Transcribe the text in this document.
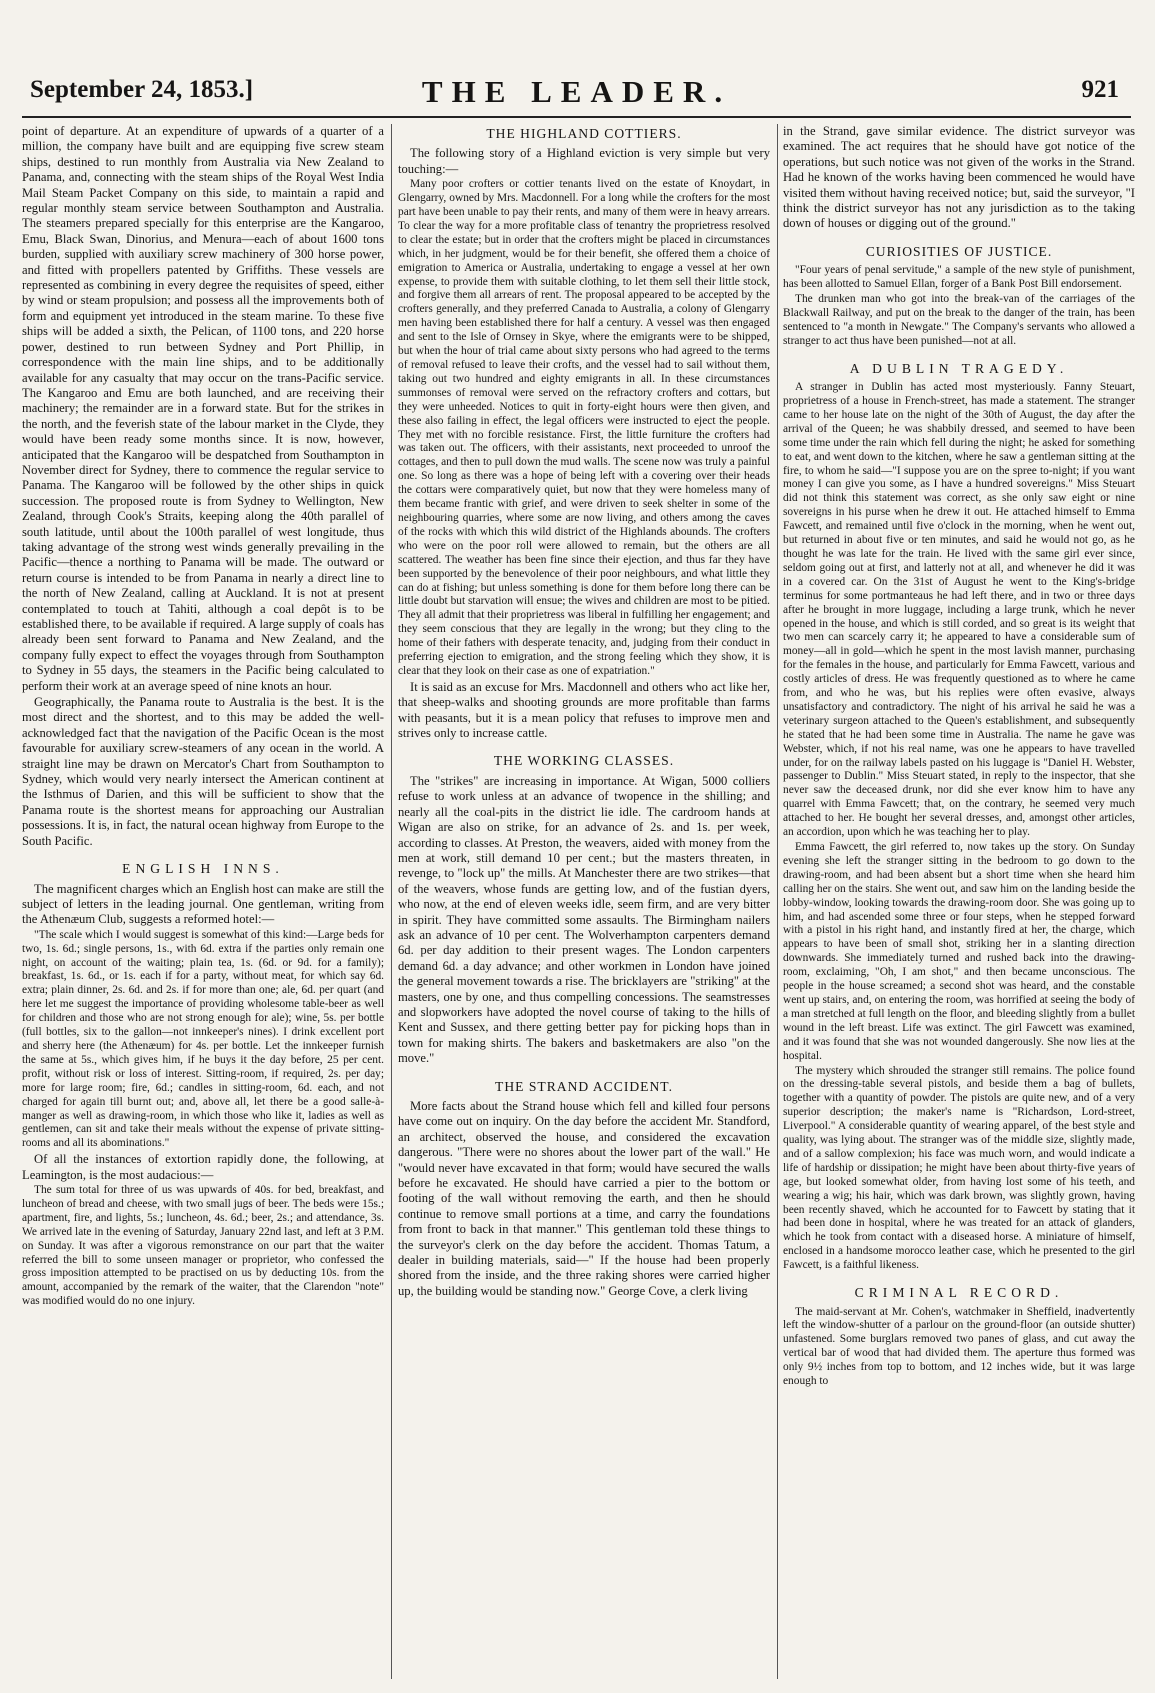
September 24, 1853.]	THE LEADER.	921

point of departure. At an expenditure of upwards of a quarter of a million, the company have built and are equipping five screw steam ships, destined to run monthly from Australia via New Zealand to Panama, and, connecting with the steam ships of the Royal West India Mail Steam Packet Company on this side, to maintain a rapid and regular monthly steam service between Southampton and Australia. The steamers prepared specially for this enterprise are the Kangaroo, Emu, Black Swan, Dinorius, and Menura—each of about 1600 tons burden, supplied with auxiliary screw machinery of 300 horse power, and fitted with propellers patented by Griffiths. These vessels are represented as combining in every degree the requisites of speed, either by wind or steam propulsion; and possess all the improvements both of form and equipment yet introduced in the steam marine. To these five ships will be added a sixth, the Pelican, of 1100 tons, and 220 horse power, destined to run between Sydney and Port Phillip, in correspondence with the main line ships, and to be additionally available for any casualty that may occur on the trans-Pacific service. The Kangaroo and Emu are both launched, and are receiving their machinery; the remainder are in a forward state. But for the strikes in the north, and the feverish state of the labour market in the Clyde, they would have been ready some months since. It is now, however, anticipated that the Kangaroo will be despatched from Southampton in November direct for Sydney, there to commence the regular service to Panama. The Kangaroo will be followed by the other ships in quick succession. The proposed route is from Sydney to Wellington, New Zealand, through Cook's Straits, keeping along the 40th parallel of south latitude, until about the 100th parallel of west longitude, thus taking advantage of the strong west winds generally prevailing in the Pacific—thence a northing to Panama will be made. The outward or return course is intended to be from Panama in nearly a direct line to the north of New Zealand, calling at Auckland. It is not at present contemplated to touch at Tahiti, although a coal depôt is to be established there, to be available if required. A large supply of coals has already been sent forward to Panama and New Zealand, and the company fully expect to effect the voyages through from Southampton to Sydney in 55 days, the steamers in the Pacific being calculated to perform their work at an average speed of nine knots an hour.

Geographically, the Panama route to Australia is the best. It is the most direct and the shortest, and to this may be added the well-acknowledged fact that the navigation of the Pacific Ocean is the most favourable for auxiliary screw-steamers of any ocean in the world. A straight line may be drawn on Mercator's Chart from Southampton to Sydney, which would very nearly intersect the American continent at the Isthmus of Darien, and this will be sufficient to show that the Panama route is the shortest means for approaching our Australian possessions. It is, in fact, the natural ocean highway from Europe to the South Pacific.

ENGLISH INNS.

The magnificent charges which an English host can make are still the subject of letters in the leading journal. One gentleman, writing from the Athenæum Club, suggests a reformed hotel:—

"The scale which I would suggest is somewhat of this kind:—Large beds for two, 1s. 6d.; single persons, 1s., with 6d. extra if the parties only remain one night, on account of the waiting; plain tea, 1s. (6d. or 9d. for a family); breakfast, 1s. 6d., or 1s. each if for a party, without meat, for which say 6d. extra; plain dinner, 2s. 6d. and 2s. if for more than one; ale, 6d. per quart (and here let me suggest the importance of providing wholesome table-beer as well for children and those who are not strong enough for ale); wine, 5s. per bottle (full bottles, six to the gallon—not innkeeper's nines). I drink excellent port and sherry here (the Athenæum) for 4s. per bottle. Let the innkeeper furnish the same at 5s., which gives him, if he buys it the day before, 25 per cent. profit, without risk or loss of interest. Sitting-room, if required, 2s. per day; more for large room; fire, 6d.; candles in sitting-room, 6d. each, and not charged for again till burnt out; and, above all, let there be a good salle-à-manger as well as drawing-room, in which those who like it, ladies as well as gentlemen, can sit and take their meals without the expense of private sitting-rooms and all its abominations."

Of all the instances of extortion rapidly done, the following, at Leamington, is the most audacious:—

The sum total for three of us was upwards of 40s. for bed, breakfast, and luncheon of bread and cheese, with two small jugs of beer. The beds were 15s.; apartment, fire, and lights, 5s.; luncheon, 4s. 6d.; beer, 2s.; and attendance, 3s. We arrived late in the evening of Saturday, January 22nd last, and left at 3 P.M. on Sunday. It was after a vigorous remonstrance on our part that the waiter referred the bill to some unseen manager or proprietor, who confessed the gross imposition attempted to be practised on us by deducting 10s. from the amount, accompanied by the remark of the waiter, that the Clarendon "note" was modified would do no one injury.

THE HIGHLAND COTTIERS.

The following story of a Highland eviction is very simple but very touching:—

Many poor crofters or cottier tenants lived on the estate of Knoydart, in Glengarry, owned by Mrs. Macdonnell. For a long while the crofters for the most part have been unable to pay their rents, and many of them were in heavy arrears. To clear the way for a more profitable class of tenantry the proprietress resolved to clear the estate; but in order that the crofters might be placed in circumstances which, in her judgment, would be for their benefit, she offered them a choice of emigration to America or Australia, undertaking to engage a vessel at her own expense, to provide them with suitable clothing, to let them sell their little stock, and forgive them all arrears of rent. The proposal appeared to be accepted by the crofters generally, and they preferred Canada to Australia, a colony of Glengarry men having been established there for half a century. A vessel was then engaged and sent to the Isle of Ornsey in Skye, where the emigrants were to be shipped, but when the hour of trial came about sixty persons who had agreed to the terms of removal refused to leave their crofts, and the vessel had to sail without them, taking out two hundred and eighty emigrants in all. In these circumstances summonses of removal were served on the refractory crofters and cottars, but they were unheeded. Notices to quit in forty-eight hours were then given, and these also failing in effect, the legal officers were instructed to eject the people. They met with no forcible resistance. First, the little furniture the crofters had was taken out. The officers, with their assistants, next proceeded to unroof the cottages, and then to pull down the mud walls. The scene now was truly a painful one. So long as there was a hope of being left with a covering over their heads the cottars were comparatively quiet, but now that they were homeless many of them became frantic with grief, and were driven to seek shelter in some of the neighbouring quarries, where some are now living, and others among the caves of the rocks with which this wild district of the Highlands abounds. The crofters who were on the poor roll were allowed to remain, but the others are all scattered. The weather has been fine since their ejection, and thus far they have been supported by the benevolence of their poor neighbours, and what little they can do at fishing; but unless something is done for them before long there can be little doubt but starvation will ensue; the wives and children are most to be pitied. They all admit that their proprietress was liberal in fulfilling her engagement; and they seem conscious that they are legally in the wrong; but they cling to the home of their fathers with desperate tenacity, and, judging from their conduct in preferring ejection to emigration, and the strong feeling which they show, it is clear that they look on their case as one of expatriation."

It is said as an excuse for Mrs. Macdonnell and others who act like her, that sheep-walks and shooting grounds are more profitable than farms with peasants, but it is a mean policy that refuses to improve men and strives only to increase cattle.

THE WORKING CLASSES.

The "strikes" are increasing in importance. At Wigan, 5000 colliers refuse to work unless at an advance of twopence in the shilling; and nearly all the coal-pits in the district lie idle. The cardroom hands at Wigan are also on strike, for an advance of 2s. and 1s. per week, according to classes. At Preston, the weavers, aided with money from the men at work, still demand 10 per cent.; but the masters threaten, in revenge, to "lock up" the mills. At Manchester there are two strikes—that of the weavers, whose funds are getting low, and of the fustian dyers, who now, at the end of eleven weeks idle, seem firm, and are very bitter in spirit. They have committed some assaults. The Birmingham nailers ask an advance of 10 per cent. The Wolverhampton carpenters demand 6d. per day addition to their present wages. The London carpenters demand 6d. a day advance; and other workmen in London have joined the general movement towards a rise. The bricklayers are "striking" at the masters, one by one, and thus compelling concessions. The seamstresses and slopworkers have adopted the novel course of taking to the hills of Kent and Sussex, and there getting better pay for picking hops than in town for making shirts. The bakers and basketmakers are also "on the move."

THE STRAND ACCIDENT.

More facts about the Strand house which fell and killed four persons have come out on inquiry. On the day before the accident Mr. Standford, an architect, observed the house, and considered the excavation dangerous. "There were no shores about the lower part of the wall." He "would never have excavated in that form; would have secured the walls before he excavated. He should have carried a pier to the bottom or footing of the wall without removing the earth, and then he should continue to remove small portions at a time, and carry the foundations from front to back in that manner." This gentleman told these things to the surveyor's clerk on the day before the accident. Thomas Tatum, a dealer in building materials, said—" If the house had been properly shored from the inside, and the three raking shores were carried higher up, the building would be standing now." George Cove, a clerk living

in the Strand, gave similar evidence. The district surveyor was examined. The act requires that he should have got notice of the operations, but such notice was not given of the works in the Strand. Had he known of the works having been commenced he would have visited them without having received notice; but, said the surveyor, "I think the district surveyor has not any jurisdiction as to the taking down of houses or digging out of the ground."

CURIOSITIES OF JUSTICE.

"Four years of penal servitude," a sample of the new style of punishment, has been allotted to Samuel Ellan, forger of a Bank Post Bill endorsement.

The drunken man who got into the break-van of the carriages of the Blackwall Railway, and put on the break to the danger of the train, has been sentenced to "a month in Newgate." The Company's servants who allowed a stranger to act thus have been punished—not at all.

A DUBLIN TRAGEDY.

A stranger in Dublin has acted most mysteriously. Fanny Steuart, proprietress of a house in French-street, has made a statement. The stranger came to her house late on the night of the 30th of August, the day after the arrival of the Queen; he was shabbily dressed, and seemed to have been some time under the rain which fell during the night; he asked for something to eat, and went down to the kitchen, where he saw a gentleman sitting at the fire, to whom he said—"I suppose you are on the spree to-night; if you want money I can give you some, as I have a hundred sovereigns." Miss Steuart did not think this statement was correct, as she only saw eight or nine sovereigns in his purse when he drew it out. He attached himself to Emma Fawcett, and remained until five o'clock in the morning, when he went out, but returned in about five or ten minutes, and said he would not go, as he thought he was late for the train. He lived with the same girl ever since, seldom going out at first, and latterly not at all, and whenever he did it was in a covered car. On the 31st of August he went to the King's-bridge terminus for some portmanteaus he had left there, and in two or three days after he brought in more luggage, including a large trunk, which he never opened in the house, and which is still corded, and so great is its weight that two men can scarcely carry it; he appeared to have a considerable sum of money—all in gold—which he spent in the most lavish manner, purchasing for the females in the house, and particularly for Emma Fawcett, various and costly articles of dress. He was frequently questioned as to where he came from, and who he was, but his replies were often evasive, always unsatisfactory and contradictory. The night of his arrival he said he was a veterinary surgeon attached to the Queen's establishment, and subsequently he stated that he had been some time in Australia. The name he gave was Webster, which, if not his real name, was one he appears to have travelled under, for on the railway labels pasted on his luggage is "Daniel H. Webster, passenger to Dublin." Miss Steuart stated, in reply to the inspector, that she never saw the deceased drunk, nor did she ever know him to have any quarrel with Emma Fawcett; that, on the contrary, he seemed very much attached to her. He bought her several dresses, and, amongst other articles, an accordion, upon which he was teaching her to play.

Emma Fawcett, the girl referred to, now takes up the story. On Sunday evening she left the stranger sitting in the bedroom to go down to the drawing-room, and had been absent but a short time when she heard him calling her on the stairs. She went out, and saw him on the landing beside the lobby-window, looking towards the drawing-room door. She was going up to him, and had ascended some three or four steps, when he stepped forward with a pistol in his right hand, and instantly fired at her, the charge, which appears to have been of small shot, striking her in a slanting direction downwards. She immediately turned and rushed back into the drawing-room, exclaiming, "Oh, I am shot," and then became unconscious. The people in the house screamed; a second shot was heard, and the constable went up stairs, and, on entering the room, was horrified at seeing the body of a man stretched at full length on the floor, and bleeding slightly from a bullet wound in the left breast. Life was extinct. The girl Fawcett was examined, and it was found that she was not wounded dangerously. She now lies at the hospital.

The mystery which shrouded the stranger still remains. The police found on the dressing-table several pistols, and beside them a bag of bullets, together with a quantity of powder. The pistols are quite new, and of a very superior description; the maker's name is "Richardson, Lord-street, Liverpool." A considerable quantity of wearing apparel, of the best style and quality, was lying about. The stranger was of the middle size, slightly made, and of a sallow complexion; his face was much worn, and would indicate a life of hardship or dissipation; he might have been about thirty-five years of age, but looked somewhat older, from having lost some of his teeth, and wearing a wig; his hair, which was dark brown, was slightly grown, having been recently shaved, which he accounted for to Fawcett by stating that it had been done in hospital, where he was treated for an attack of glanders, which he took from contact with a diseased horse. A miniature of himself, enclosed in a handsome morocco leather case, which he presented to the girl Fawcett, is a faithful likeness.

CRIMINAL RECORD.

The maid-servant at Mr. Cohen's, watchmaker in Sheffield, inadvertently left the window-shutter of a parlour on the ground-floor (an outside shutter) unfastened. Some burglars removed two panes of glass, and cut away the vertical bar of wood that had divided them. The aperture thus formed was only 9½ inches from top to bottom, and 12 inches wide, but it was large enough to
